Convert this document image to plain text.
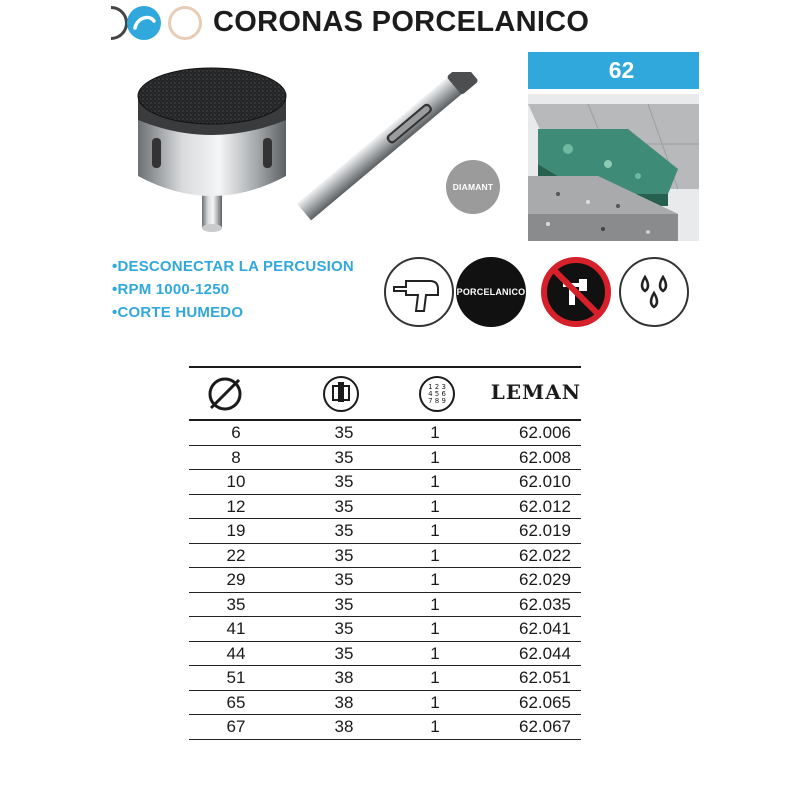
CORONAS PORCELANICO
62
DIAMANT
• DESCONECTAR LA PERCUSION
• RPM 1000-1250
• CORTE HUMEDO
PORCELANICO
1 2 3
4 5 6
7 8 9 LEMAN
6	35	1	62.006
8	35	1	62.008
10	35	1	62.010
12	35	1	62.012
19	35	1	62.019
22	35	1	62.022
29	35	1	62.029
35	35	1	62.035
41	35	1	62.041
44	35	1	62.044
51	38	1	62.051
65	38	1	62.065
67	38	1	62.067
